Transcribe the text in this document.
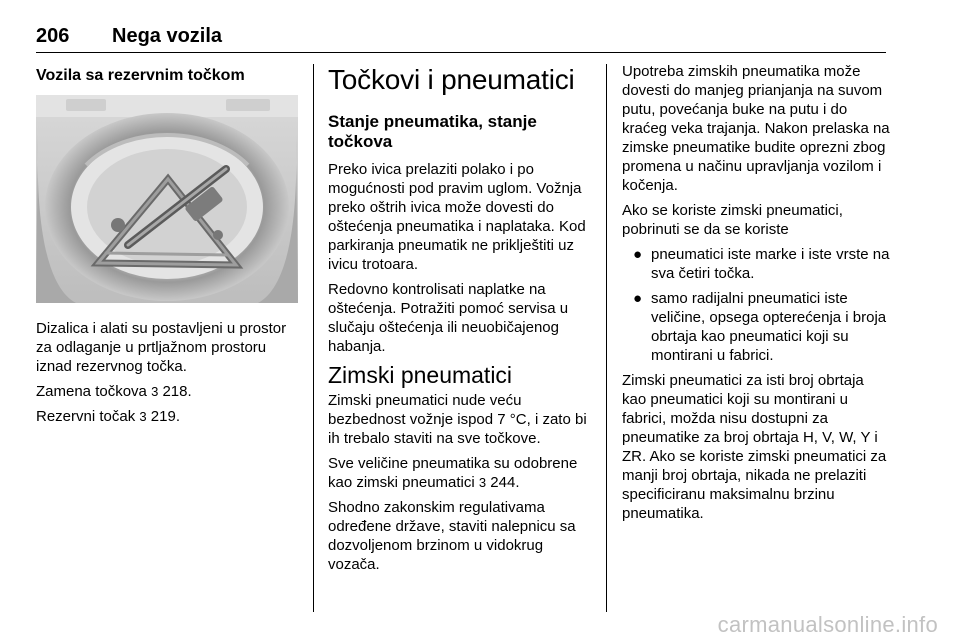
206 Nega vozila
Vozila sa rezervnim točkom

Dizalica i alati su postavljeni u prostor za odlaganje u prtljažnom prostoru iznad rezervnog točka.

Zamena točkova 3 218.

Rezervni točak 3 219.

Točkovi i pneumatici
Stanje pneumatika, stanje točkova

Preko ivica prelaziti polako i po mogućnosti pod pravim uglom. Vožnja preko oštrih ivica može dovesti do oštećenja pneumatika i naplataka. Kod parkiranja pneumatik ne priklještiti uz ivicu trotoara.

Redovno kontrolisati naplatke na oštećenja. Potražiti pomoć servisa u slučaju oštećenja ili neuobičajenog habanja.

Zimski pneumatici

Zimski pneumatici nude veću bezbednost vožnje ispod 7 °C, i zato bi ih trebalo staviti na sve točkove.

Sve veličine pneumatika su odobrene kao zimski pneumatici 3 244.

Shodno zakonskim regulativama određene države, staviti nalepnicu sa dozvoljenom brzinom u vidokrug vozača.

Upotreba zimskih pneumatika može dovesti do manjeg prianjanja na suvom putu, povećanja buke na putu i do kraćeg veka trajanja. Nakon prelaska na zimske pneumatike budite oprezni zbog promena u načinu upravljanja vozilom i kočenja.

Ako se koriste zimski pneumatici, pobrinuti se da se koriste

● pneumatici iste marke i iste vrste na sva četiri točka.
● samo radijalni pneumatici iste veličine, opsega opterećenja i broja obrtaja kao pneumatici koji su montirani u fabrici.

Zimski pneumatici za isti broj obrtaja kao pneumatici koji su montirani u fabrici, možda nisu dostupni za pneumatike za broj obrtaja H, V, W, Y i ZR. Ako se koriste zimski pneumatici za manji broj obrtaja, nikada ne prelaziti specificiranu maksimalnu brzinu pneumatika.

carmanualsonline.info
